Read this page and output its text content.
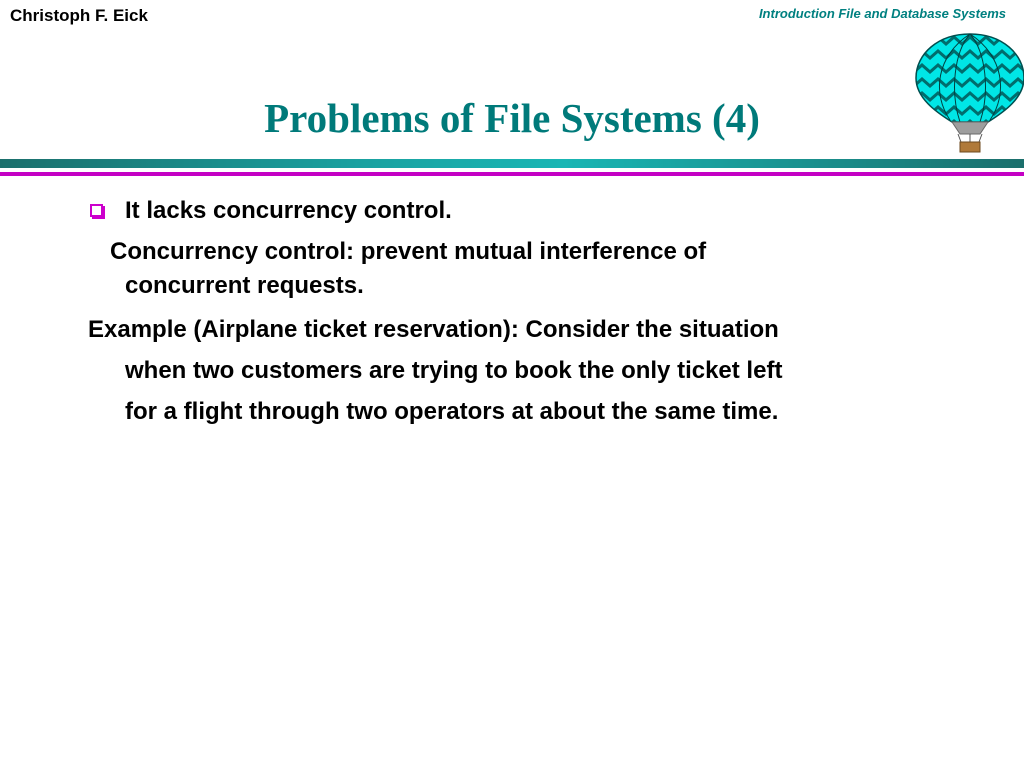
Christoph F. Eick	Introduction File and Database Systems
Problems of File Systems (4)
It lacks concurrency control.
Concurrency control: prevent mutual interference of
concurrent requests.
Example (Airplane ticket reservation): Consider the situation
when two customers are trying to book the only ticket left
for a flight through two operators at about the same time.
